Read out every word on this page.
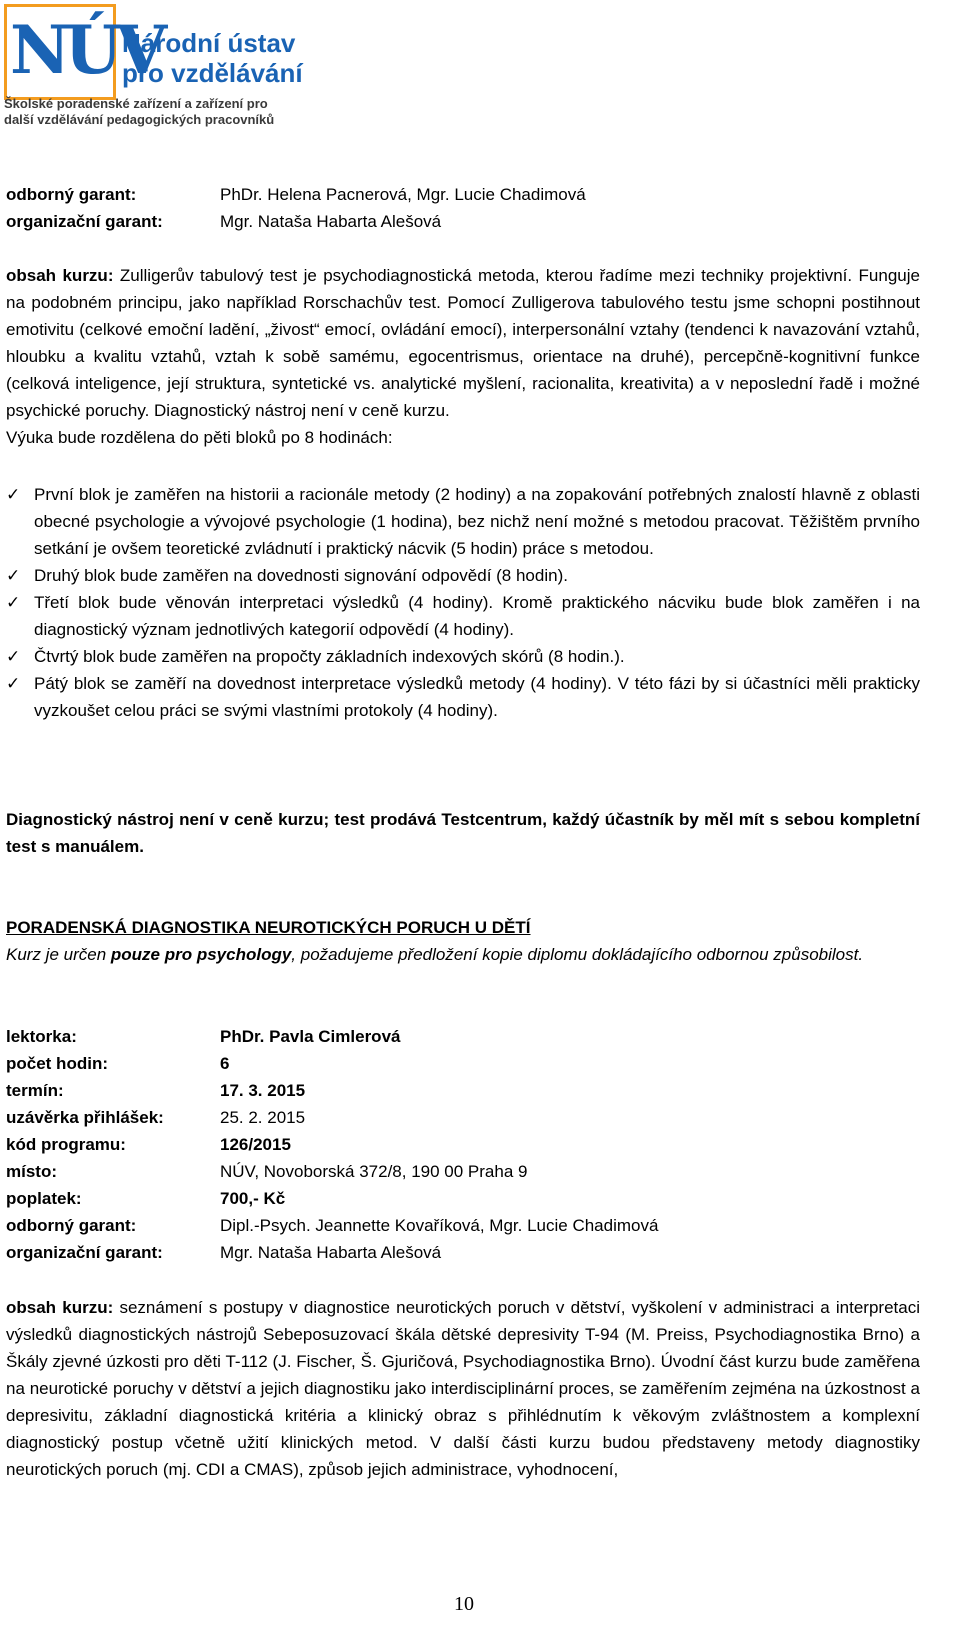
NÚV
Národní ústav
pro vzdělávání
Školské poradenské zařízení a zařízení pro
další vzdělávání pedagogických pracovníků
odborný garant:	PhDr. Helena Pacnerová, Mgr. Lucie Chadimová
organizační garant:	Mgr. Nataša Habarta Alešová
obsah kurzu: Zulligerův tabulový test je psychodiagnostická metoda, kterou řadíme mezi techniky projektivní. Funguje na podobném principu, jako například Rorschachův test. Pomocí Zulligerova tabulového testu jsme schopni postihnout emotivitu (celkové emoční ladění, „živost“ emocí, ovládání emocí), interpersonální vztahy (tendenci k navazování vztahů, hloubku a kvalitu vztahů, vztah k sobě samému, egocentrismus, orientace na druhé), percepčně-kognitivní funkce (celková inteligence, její struktura, syntetické vs. analytické myšlení, racionalita, kreativita) a v neposlední řadě i možné psychické poruchy. Diagnostický nástroj není v ceně kurzu.
Výuka bude rozdělena do pěti bloků po 8 hodinách:
✓ První blok je zaměřen na historii a racionále metody (2 hodiny) a na zopakování potřebných znalostí hlavně z oblasti obecné psychologie a vývojové psychologie (1 hodina), bez nichž není možné s metodou pracovat. Těžištěm prvního setkání je ovšem teoretické zvládnutí i praktický nácvik (5 hodin) práce s metodou.
✓ Druhý blok bude zaměřen na dovednosti signování odpovědí (8 hodin).
✓ Třetí blok bude věnován interpretaci výsledků (4 hodiny). Kromě praktického nácviku bude blok zaměřen i na diagnostický význam jednotlivých kategorií odpovědí (4 hodiny).
✓ Čtvrtý blok bude zaměřen na propočty základních indexových skórů (8 hodin.).
✓ Pátý blok se zaměří na dovednost interpretace výsledků metody (4 hodiny). V této fázi by si účastníci měli prakticky vyzkoušet celou práci se svými vlastními protokoly (4 hodiny).
Diagnostický nástroj není v ceně kurzu; test prodává Testcentrum, každý účastník by měl mít s sebou kompletní test s manuálem.
PORADENSKÁ DIAGNOSTIKA NEUROTICKÝCH PORUCH U DĚTÍ
Kurz je určen pouze pro psychology, požadujeme předložení kopie diplomu dokládajícího odbornou způsobilost.
lektorka:	PhDr. Pavla Cimlerová
počet hodin:	6
termín:	17. 3. 2015
uzávěrka přihlášek:	25. 2. 2015
kód programu:	126/2015
místo:	NÚV, Novoborská 372/8, 190 00 Praha 9
poplatek:	700,- Kč
odborný garant:	Dipl.-Psych. Jeannette Kovaříková, Mgr. Lucie Chadimová
organizační garant:	Mgr. Nataša Habarta Alešová
obsah kurzu: seznámení s postupy v diagnostice neurotických poruch v dětství, vyškolení v administraci a interpretaci výsledků diagnostických nástrojů Sebeposuzovací škála dětské depresivity T-94 (M. Preiss, Psychodiagnostika Brno) a Škály zjevné úzkosti pro děti T-112 (J. Fischer, Š. Gjuričová, Psychodiagnostika Brno). Úvodní část kurzu bude zaměřena na neurotické poruchy v dětství a jejich diagnostiku jako interdisciplinární proces, se zaměřením zejména na úzkostnost a depresivitu, základní diagnostická kritéria a klinický obraz s přihlédnutím k věkovým zvláštnostem a komplexní diagnostický postup včetně užití klinických metod. V další části kurzu budou představeny metody diagnostiky neurotických poruch (mj. CDI a CMAS), způsob jejich administrace, vyhodnocení,
10
